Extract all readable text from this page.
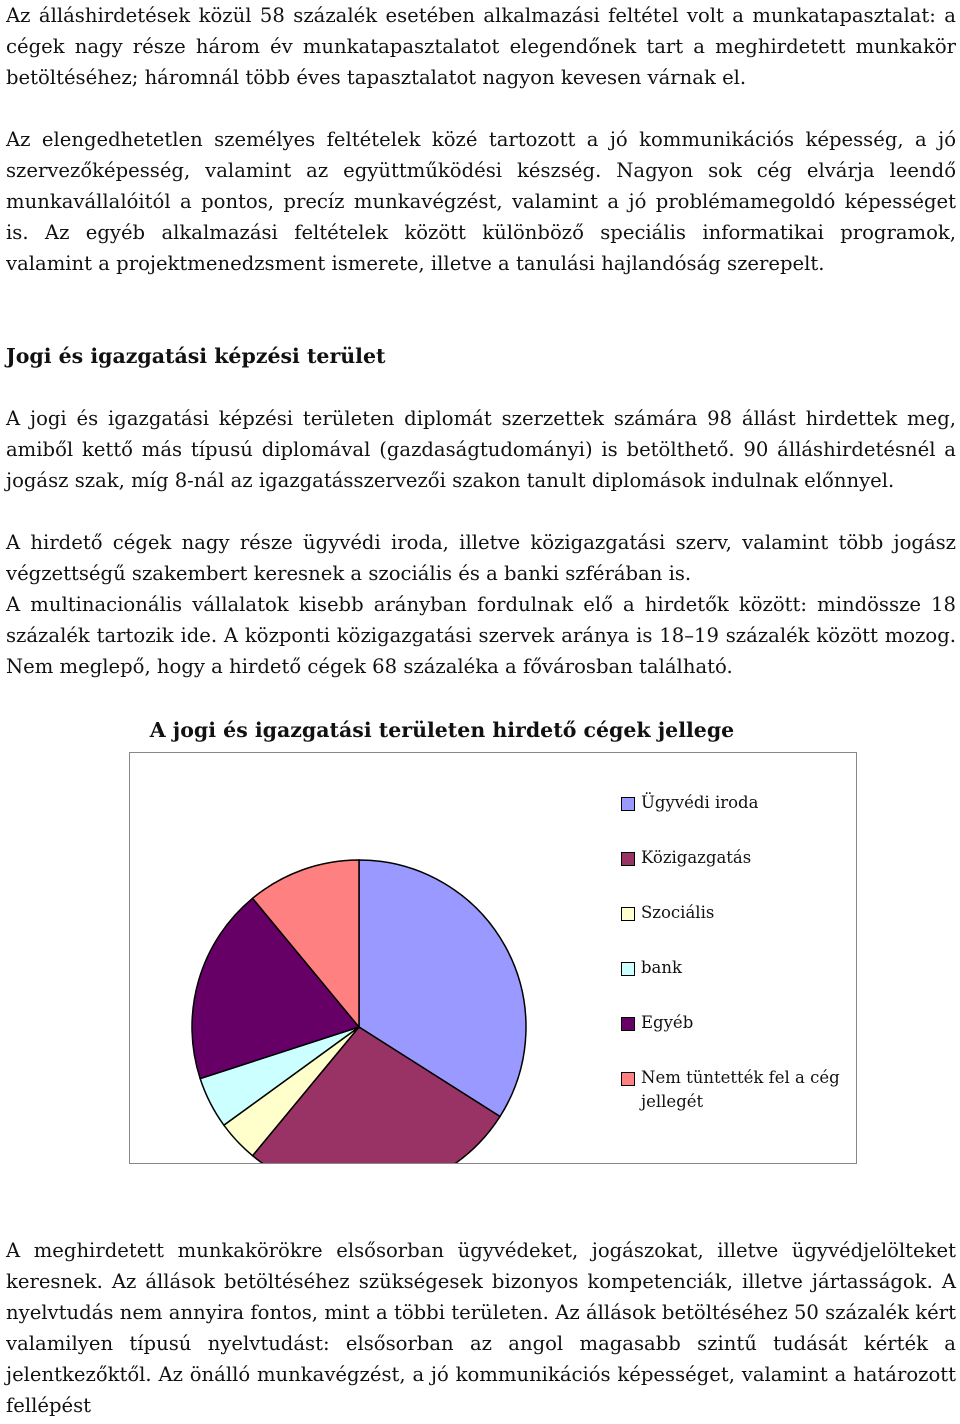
Az álláshirdetések közül 58 százalék esetében alkalmazási feltétel volt a munkatapasztalat: a cégek nagy része három év munkatapasztalatot elegendőnek tart a meghirdetett munkakör betöltéséhez; háromnál több éves tapasztalatot nagyon kevesen várnak el.

Az elengedhetetlen személyes feltételek közé tartozott a jó kommunikációs képesség, a jó szervezőképesség, valamint az együttműködési készség. Nagyon sok cég elvárja leendő munkavállalóitól a pontos, precíz munkavégzést, valamint a jó problémamegoldó képességet is. Az egyéb alkalmazási feltételek között különböző speciális informatikai programok, valamint a projektmenedzsment ismerete, illetve a tanulási hajlandóság szerepelt.

Jogi és igazgatási képzési terület

A jogi és igazgatási képzési területen diplomát szerzettek számára 98 állást hirdettek meg, amiből kettő más típusú diplomával (gazdaságtudományi) is betölthető. 90 álláshirdetésnél a jogász szak, míg 8-nál az igazgatásszervezői szakon tanult diplomások indulnak előnnyel.

A hirdető cégek nagy része ügyvédi iroda, illetve közigazgatási szerv, valamint több jogász végzettségű szakembert keresnek a szociális és a banki szférában is.

A multinacionális vállalatok kisebb arányban fordulnak elő a hirdetők között: mindössze 18 százalék tartozik ide. A központi közigazgatási szervek aránya is 18–19 százalék között mozog. Nem meglepő, hogy a hirdető cégek 68 százaléka a fővárosban található.

A jogi és igazgatási területen hirdető cégek jellege
Ügyvédi iroda
Közigazgatás
Szociális
bank
Egyéb
Nem tüntették fel a cég jellegét

A meghirdetett munkakörökre elsősorban ügyvédeket, jogászokat, illetve ügyvédjelölteket keresnek. Az állások betöltéséhez szükségesek bizonyos kompetenciák, illetve jártasságok. A nyelvtudás nem annyira fontos, mint a többi területen. Az állások betöltéséhez 50 százalék kért valamilyen típusú nyelvtudást: elsősorban az angol magasabb szintű tudását kérték a jelentkezőktől. Az önálló munkavégzést, a jó kommunikációs képességet, valamint a határozott fellépést
